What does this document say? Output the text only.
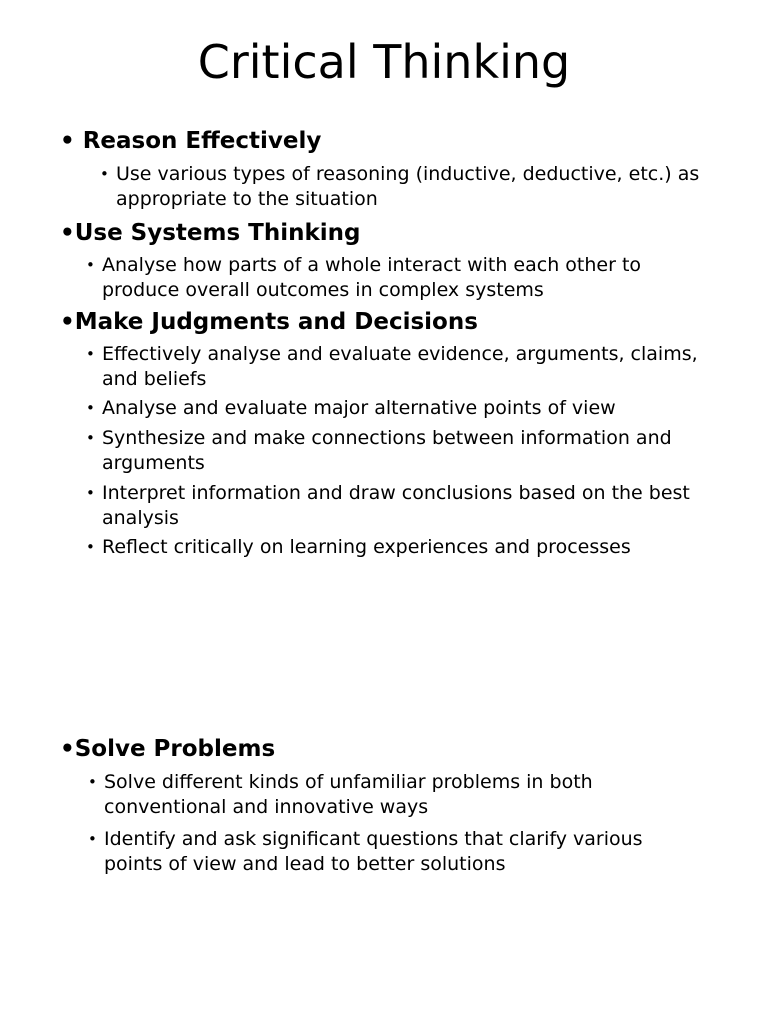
Critical Thinking
• Reason Effectively
• Use various types of reasoning (inductive, deductive, etc.) as appropriate to the situation
•Use Systems Thinking
• Analyse how parts of a whole interact with each other to produce overall outcomes in complex systems
•Make Judgments and Decisions
• Effectively analyse and evaluate evidence, arguments, claims, and beliefs
• Analyse and evaluate major alternative points of view
• Synthesize and make connections between information and arguments
• Interpret information and draw conclusions based on the best analysis
• Reflect critically on learning experiences and processes
•Solve Problems
• Solve different kinds of unfamiliar problems in both conventional and innovative ways
• Identify and ask significant questions that clarify various points of view and lead to better solutions
